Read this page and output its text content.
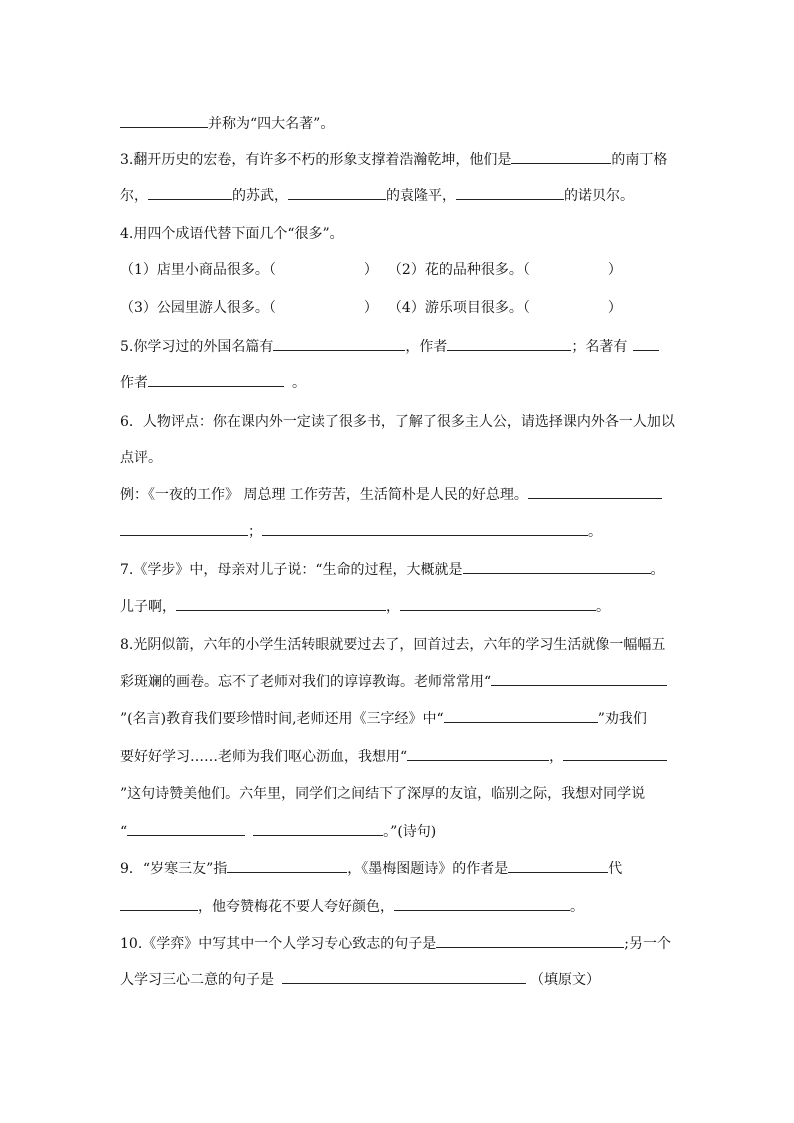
并称为“四大名著”。
3.翻开历史的宏卷，有许多不朽的形象支撑着浩瀚乾坤，他们是	的南丁格
尔，	的苏武，	的袁隆平，	的诺贝尔。
4.用四个成语代替下面几个“很多”。
（1）店里小商品很多。（	） （2）花的品种很多。（	）
（3）公园里游人很多。（	） （4）游乐项目很多。（	）
5.你学习过的外国名篇有	，作者	；名著有
作者	。
6．人物评点：你在课内外一定读了很多书，了解了很多主人公，请选择课内外各一人加以
点评。
例：《一夜的工作》 周总理 工作劳苦，生活简朴是人民的好总理。
；	。
7.《学步》中，母亲对儿子说：“生命的过程，大概就是	。
儿子啊，	，	。
8.光阴似箭，六年的小学生活转眼就要过去了，回首过去，六年的学习生活就像一幅幅五
彩斑斓的画卷。忘不了老师对我们的谆谆教诲。老师常常用“
”(名言)教育我们要珍惜时间,老师还用《三字经》中“	”劝我们
要好好学习……老师为我们呕心沥血，我想用“	，
”这句诗赞美他们。六年里，同学们之间结下了深厚的友谊，临别之际，我想对同学说
“	。”(诗句)
9．“岁寒三友”指	，《墨梅图题诗》的作者是	代
，他夸赞梅花不要人夸好颜色，	。
10.《学弈》中写其中一个人学习专心致志的句子是	;另一个
人学习三心二意的句子是	（填原文）
